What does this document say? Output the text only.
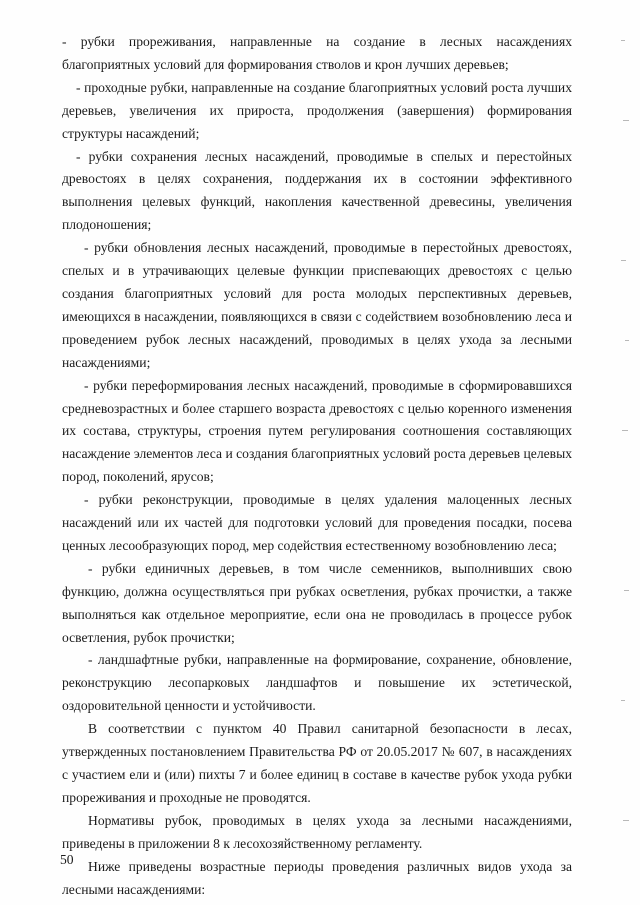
- рубки прореживания, направленные на создание в лесных насаждениях благоприятных условий для формирования стволов и крон лучших деревьев;

- проходные рубки, направленные на создание благоприятных условий роста лучших деревьев, увеличения их прироста, продолжения (завершения) формирования структуры насаждений;

- рубки сохранения лесных насаждений, проводимые в спелых и перестойных древостоях в целях сохранения, поддержания их в состоянии эффективного выполнения целевых функций, накопления качественной древесины, увеличения плодоношения;

- рубки обновления лесных насаждений, проводимые в перестойных древостоях, спелых и в утрачивающих целевые функции приспевающих древостоях с целью создания благоприятных условий для роста молодых перспективных деревьев, имеющихся в насаждении, появляющихся в связи с содействием возобновлению леса и проведением рубок лесных насаждений, проводимых в целях ухода за лесными насаждениями;

- рубки переформирования лесных насаждений, проводимые в сформировавшихся средневозрастных и более старшего возраста древостоях с целью коренного изменения их состава, структуры, строения путем регулирования соотношения составляющих насаждение элементов леса и создания благоприятных условий роста деревьев целевых пород, поколений, ярусов;

- рубки реконструкции, проводимые в целях удаления малоценных лесных насаждений или их частей для подготовки условий для проведения посадки, посева ценных лесообразующих пород, мер содействия естественному возобновлению леса;

- рубки единичных деревьев, в том числе семенников, выполнивших свою функцию, должна осуществляться при рубках осветления, рубках прочистки, а также выполняться как отдельное мероприятие, если она не проводилась в процессе рубок осветления, рубок прочистки;

- ландшафтные рубки, направленные на формирование, сохранение, обновление, реконструкцию лесопарковых ландшафтов и повышение их эстетической, оздоровительной ценности и устойчивости.

В соответствии с пунктом 40 Правил санитарной безопасности в лесах, утвержденных постановлением Правительства РФ от 20.05.2017 № 607, в насаждениях с участием ели и (или) пихты 7 и более единиц в составе в качестве рубок ухода рубки прореживания и проходные не проводятся.

Нормативы рубок, проводимых в целях ухода за лесными насаждениями, приведены в приложении 8 к лесохозяйственному регламенту.

Ниже приведены возрастные периоды проведения различных видов ухода за лесными насаждениями:

50
